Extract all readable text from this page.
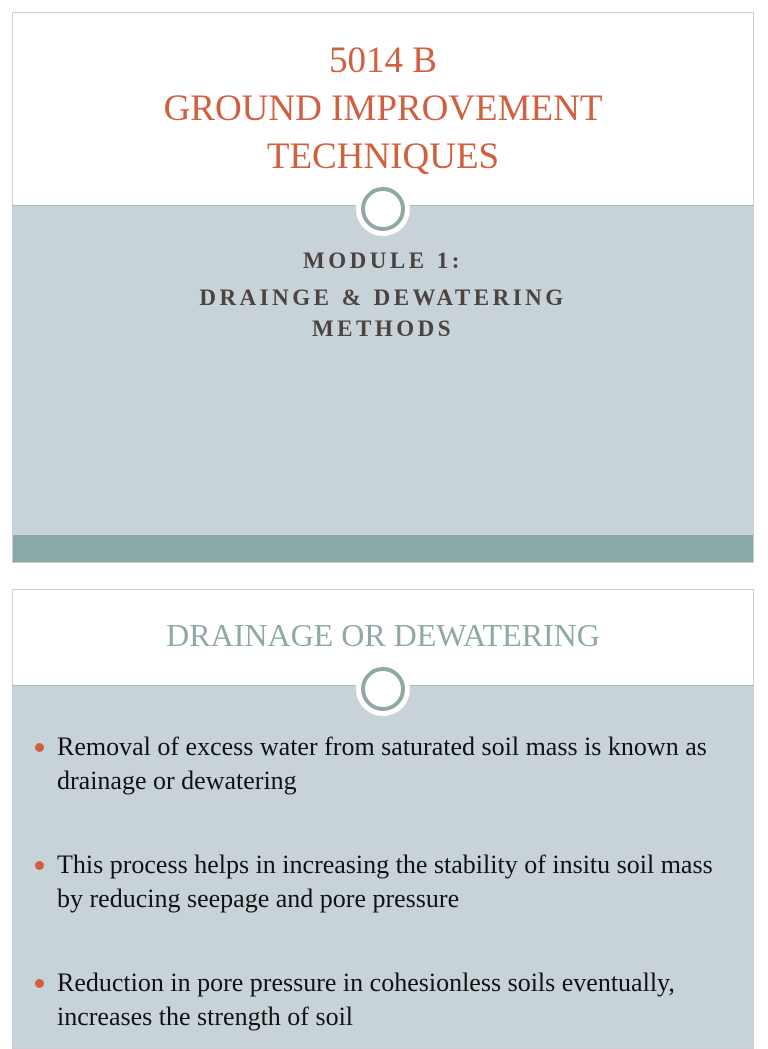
5014 B
GROUND IMPROVEMENT
TECHNIQUES
MODULE 1:
DRAINGE & DEWATERING
METHODS
DRAINAGE OR DEWATERING
Removal of excess water from saturated soil mass is known as drainage or dewatering
This process helps in increasing the stability of insitu soil mass by reducing seepage and pore pressure
Reduction in pore pressure in cohesionless soils eventually, increases the strength of soil
